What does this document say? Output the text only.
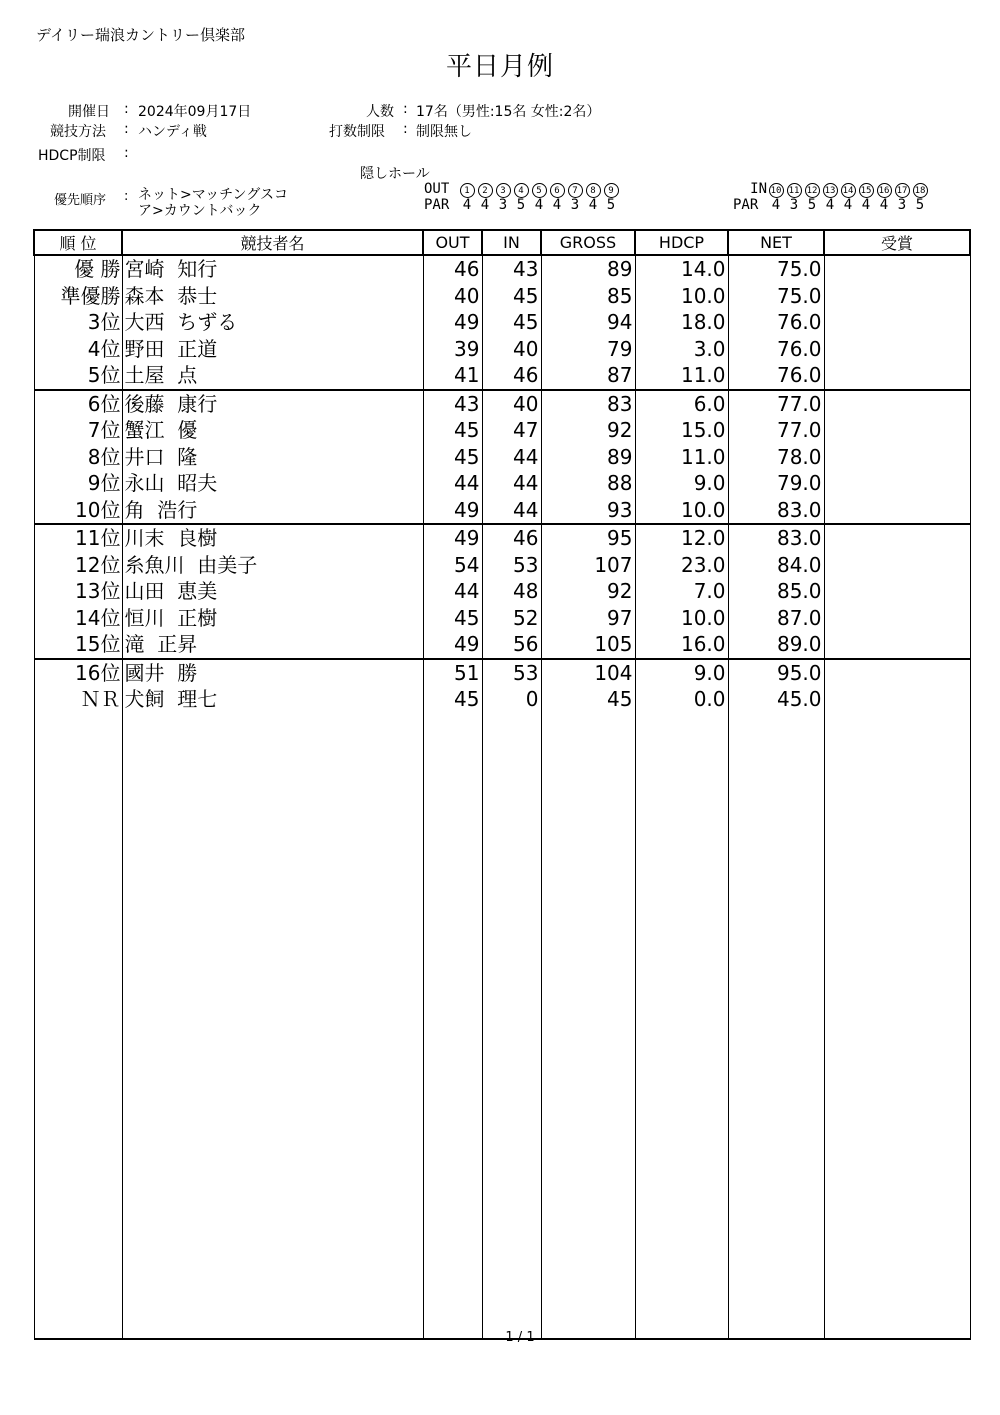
デイリー瑞浪カントリー倶楽部
平日月例
開催日 : 2024年09月17日
競技方法 : ハンディ戦
HDCP制限 :
人数 : 17名（男性:15名 女性:2名）
打数制限 : 制限無し
優先順序 : ネット>マッチングスコ
ア>カウントバック
隠しホール
OUT	1 2 3 4 5 6 7 8 9
PAR 4 4 3 5 4 4 3 4 5
IN 10 11 12 13 14 15 16 17 18
PAR 4 3 5 4 4 4 4 3 5
順 位	競技者名	OUT	IN	GROSS	HDCP	NET	受賞
優 勝	宮崎  知行	46	43	89	14.0	75.0	
準優勝	森本  恭士	40	45	85	10.0	75.0	
3位	大西  ちずる	49	45	94	18.0	76.0	
4位	野田  正道	39	40	79	3.0	76.0	
5位	土屋  点	41	46	87	11.0	76.0	
6位	後藤  康行	43	40	83	6.0	77.0	
7位	蟹江  優	45	47	92	15.0	77.0	
8位	井口  隆	45	44	89	11.0	78.0	
9位	永山  昭夫	44	44	88	9.0	79.0	
10位	角  浩行	49	44	93	10.0	83.0	
11位	川末  良樹	49	46	95	12.0	83.0	
12位	糸魚川  由美子	54	53	107	23.0	84.0	
13位	山田  恵美	44	48	92	7.0	85.0	
14位	恒川  正樹	45	52	97	10.0	87.0	
15位	滝  正昇	49	56	105	16.0	89.0	
16位	國井  勝	51	53	104	9.0	95.0	
ＮＲ	犬飼  理七	45	0	45	0.0	45.0	

1 / 1
